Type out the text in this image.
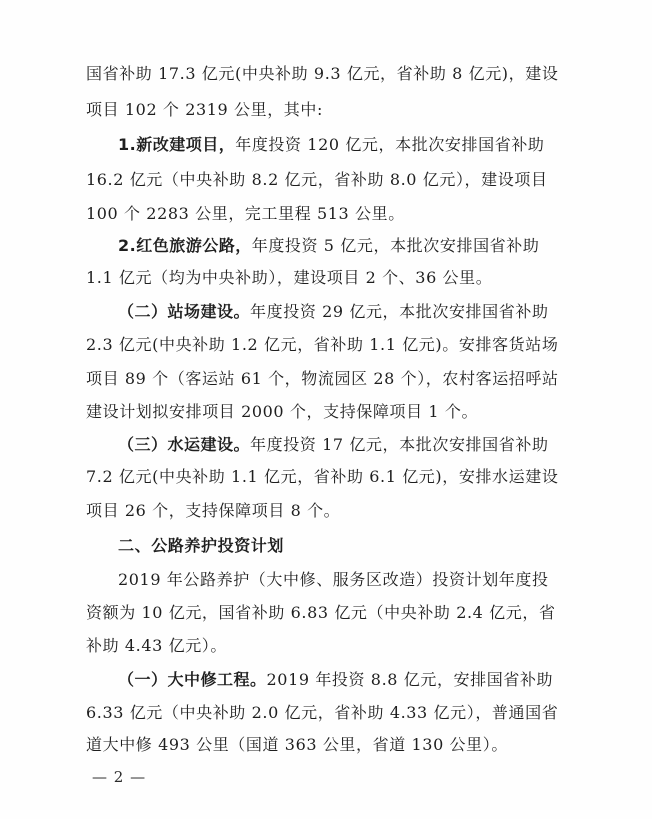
国省补助 17.3 亿元(中央补助 9.3 亿元，省补助 8 亿元)，建设
项目 102 个 2319 公里，其中:
1.新改建项目，年度投资 120 亿元，本批次安排国省补助
16.2 亿元（中央补助 8.2 亿元，省补助 8.0 亿元），建设项目
100 个 2283 公里，完工里程 513 公里。
2.红色旅游公路，年度投资 5 亿元，本批次安排国省补助
1.1 亿元（均为中央补助），建设项目 2 个、36 公里。
（二）站场建设。年度投资 29 亿元，本批次安排国省补助
2.3 亿元(中央补助 1.2 亿元，省补助 1.1 亿元)。安排客货站场
项目 89 个（客运站 61 个，物流园区 28 个），农村客运招呼站
建设计划拟安排项目 2000 个，支持保障项目 1 个。
（三）水运建设。年度投资 17 亿元，本批次安排国省补助
7.2 亿元(中央补助 1.1 亿元，省补助 6.1 亿元)，安排水运建设
项目 26 个，支持保障项目 8 个。
二、公路养护投资计划
2019 年公路养护（大中修、服务区改造）投资计划年度投
资额为 10 亿元，国省补助 6.83 亿元（中央补助 2.4 亿元，省
补助 4.43 亿元）。
（一）大中修工程。2019 年投资 8.8 亿元，安排国省补助
6.33 亿元（中央补助 2.0 亿元，省补助 4.33 亿元），普通国省
道大中修 493 公里（国道 363 公里，省道 130 公里）。
— 2 —
